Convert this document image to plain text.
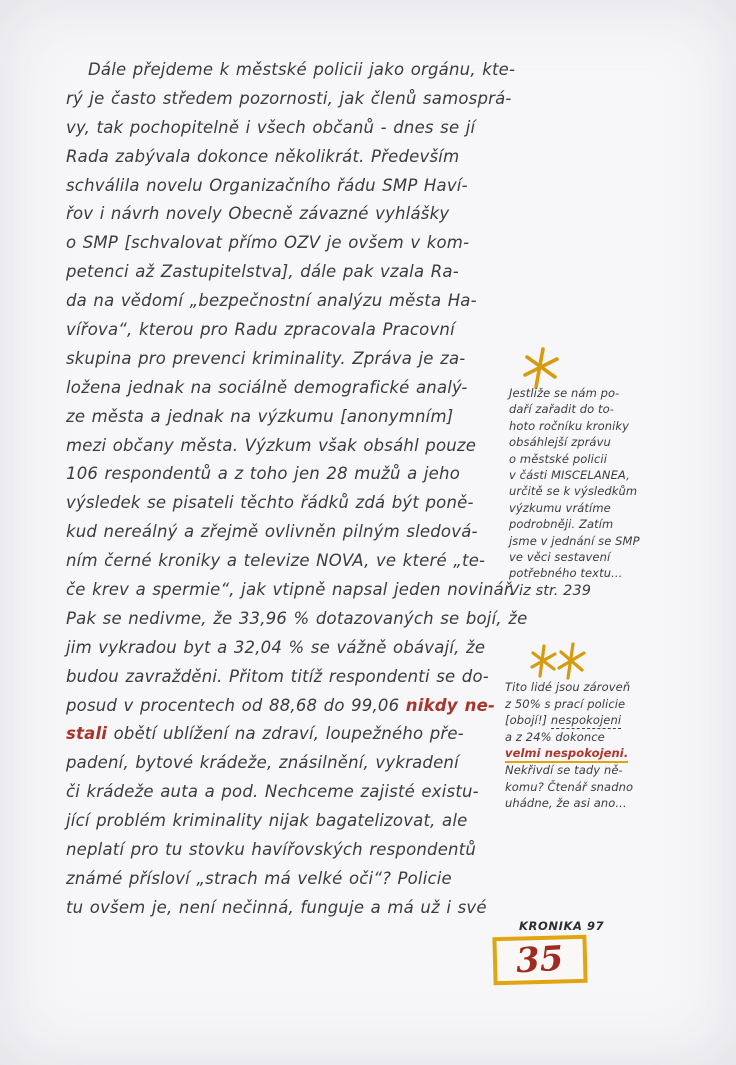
Dále přejdeme k městské policii jako orgánu, kte-
rý je často středem pozornosti, jak členů samosprá-
vy, tak pochopitelně i všech občanů - dnes se jí
Rada zabývala dokonce několikrát. Především
schválila novelu Organizačního řádu SMP Haví-
řov i návrh novely Obecně závazné vyhlášky
o SMP [schvalovat přímo OZV je ovšem v kom-
petenci až Zastupitelstva], dále pak vzala Ra-
da na vědomí „bezpečnostní analýzu města Ha-
vířova“, kterou pro Radu zpracovala Pracovní
skupina pro prevenci kriminality. Zpráva je za-
ložena jednak na sociálně demografické analý-
ze města a jednak na výzkumu [anonymním]
mezi občany města. Výzkum však obsáhl pouze
106 respondentů a z toho jen 28 mužů a jeho
výsledek se pisateli těchto řádků zdá být poně-
kud nereálný a zřejmě ovlivněn pilným sledová-
ním černé kroniky a televize NOVA, ve které „te-
če krev a spermie“, jak vtipně napsal jeden novinář.
Pak se nedivme, že 33,96 % dotazovaných se bojí, že
jim vykradou byt a 32,04 % se vážně obávají, že
budou zavražděni. Přitom titíž respondenti se do-
posud v procentech od 88,68 do 99,06 nikdy ne-
stali obětí ublížení na zdraví, loupežného pře-
padení, bytové krádeže, znásilnění, vykradení
či krádeže auta a pod. Nechceme zajisté existu-
jící problém kriminality nijak bagatelizovat, ale
neplatí pro tu stovku havířovských respondentů
známé přísloví „strach má velké oči“? Policie
tu ovšem je, není nečinná, funguje a má už i své
Jestliže se nám po-
daří zařadit do to-
hoto ročníku kroniky
obsáhlejší zprávu
o městské policii
v části MISCELANEA,
určitě se k výsledkům
výzkumu vrátíme
podrobněji. Zatím
jsme v jednání se SMP
ve věci sestavení
potřebného textu...
Viz str. 239
Tito lidé jsou zároveň
z 50% s prací policie
[obojí!] nespokojeni
a z 24% dokonce
velmi nespokojeni.
Nekřivdí se tady ně-
komu? Čtenář snadno
uhádne, že asi ano...
KRONIKA 97
35
